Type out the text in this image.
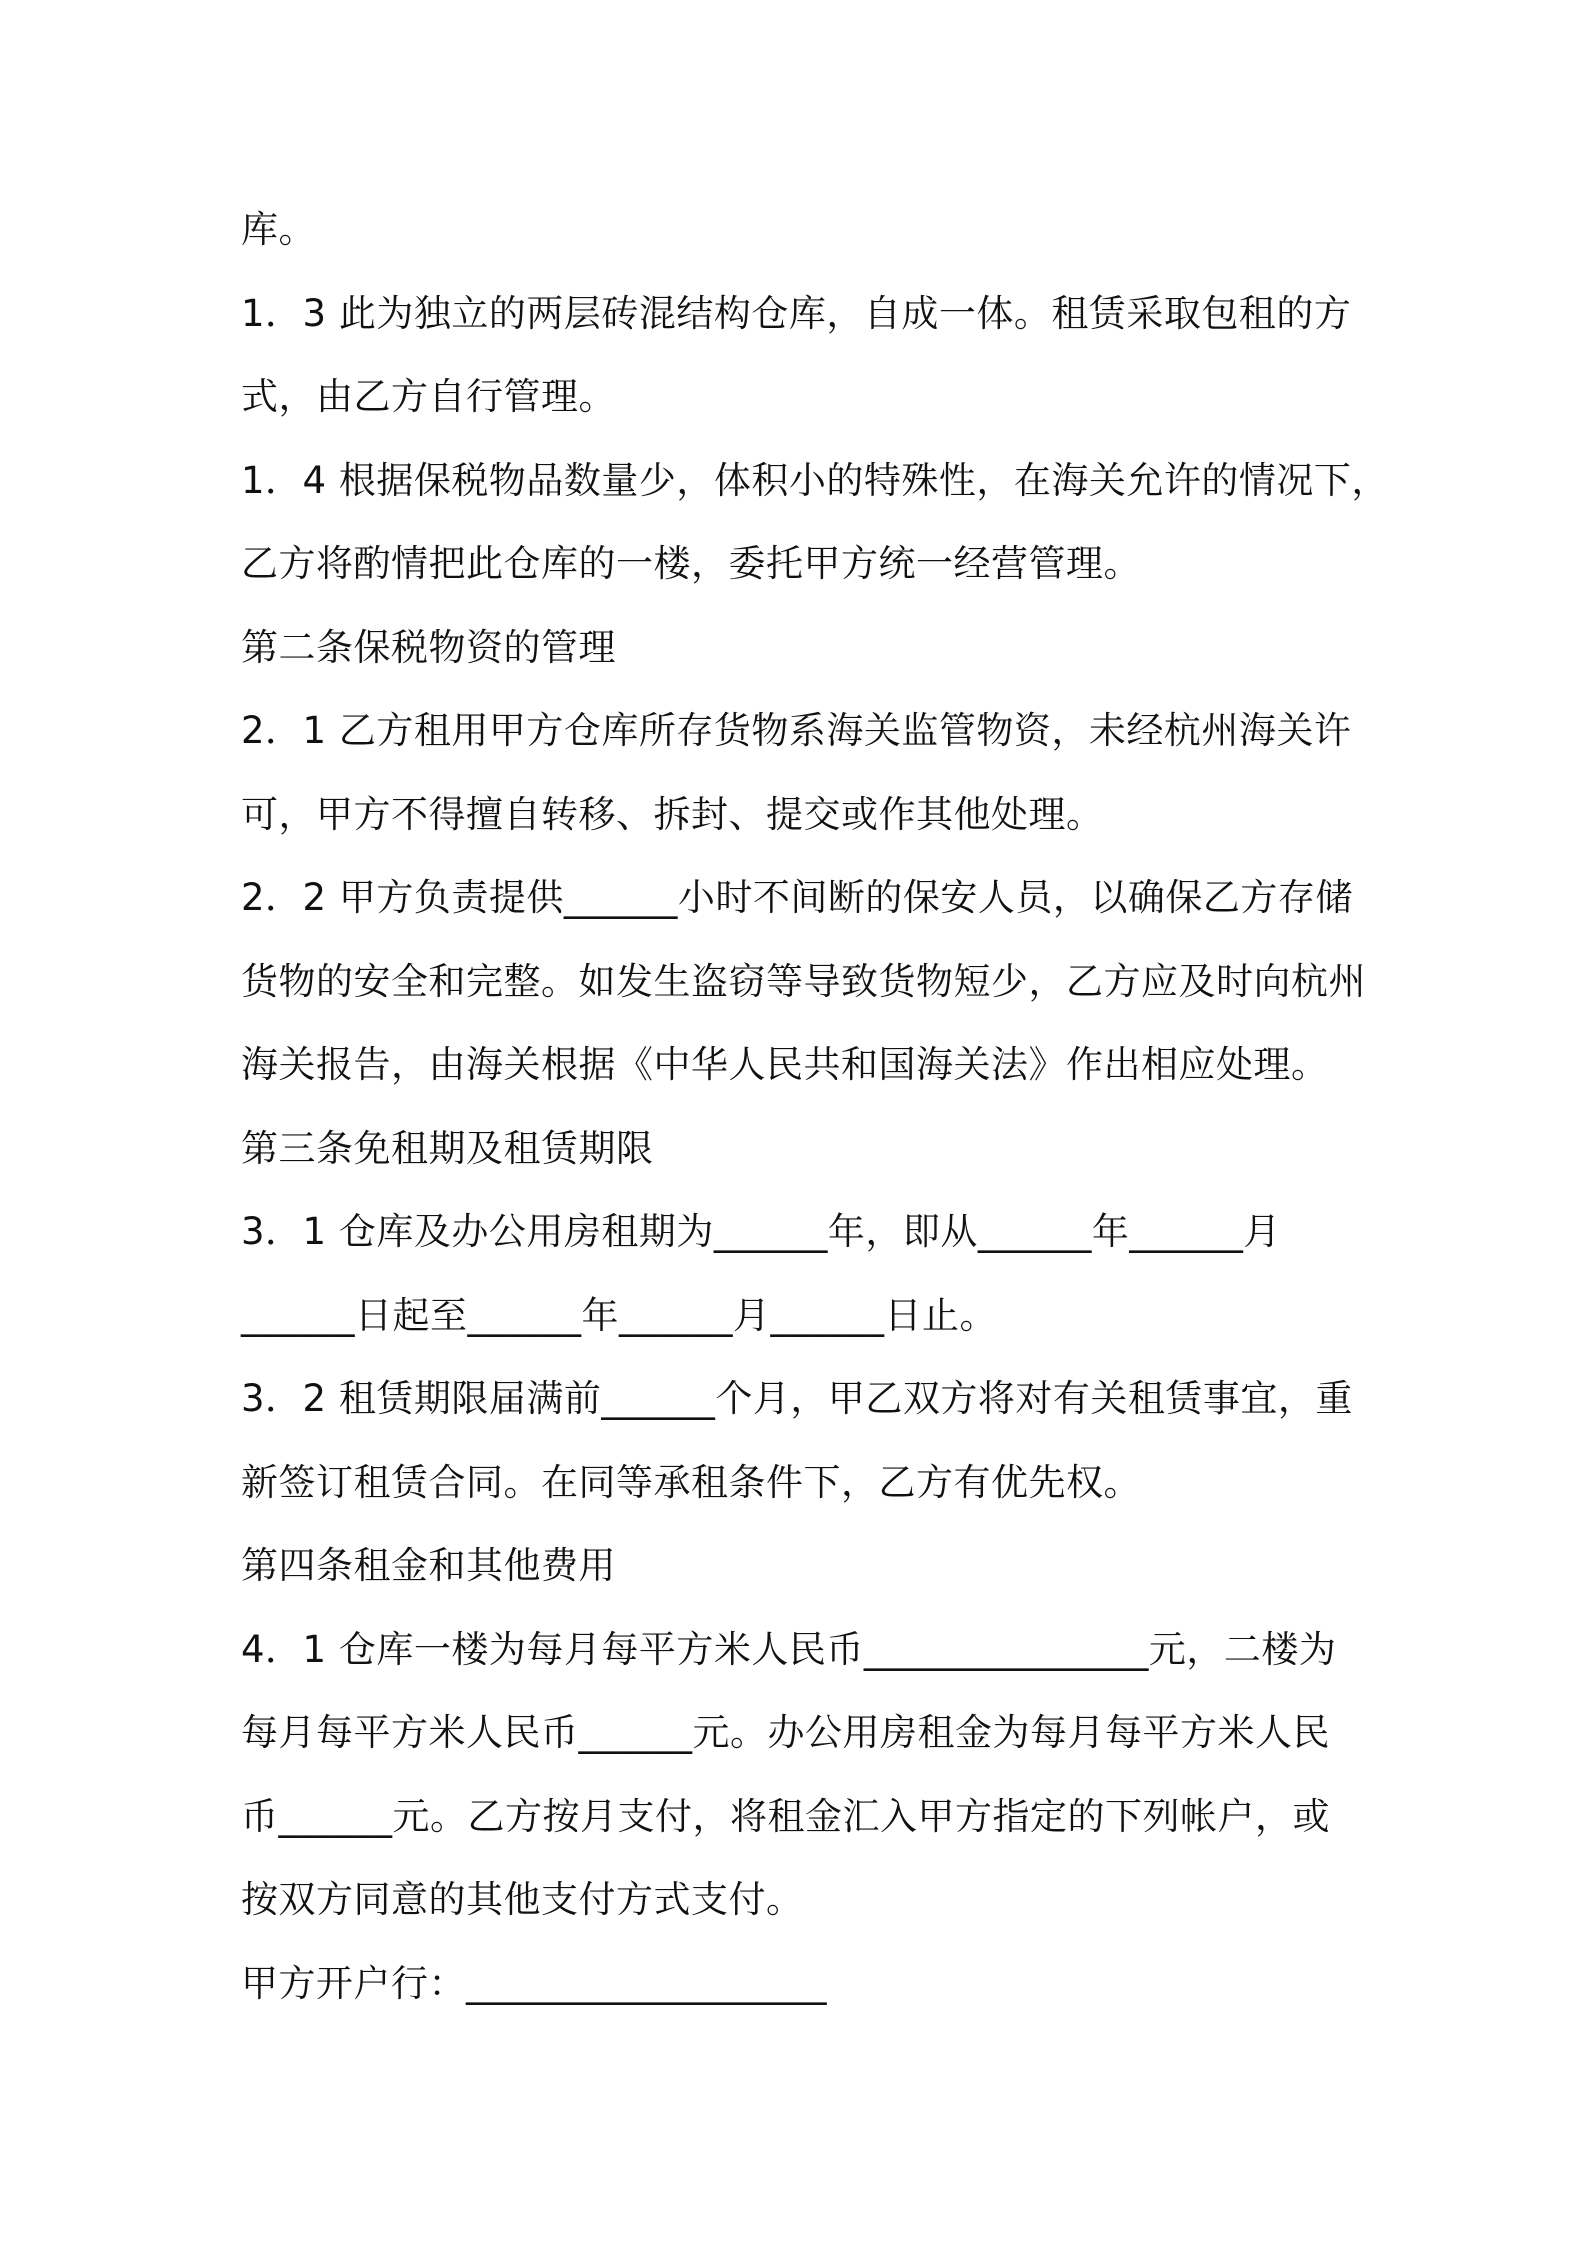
库。
1．3 此为独立的两层砖混结构仓库，自成一体。租赁采取包租的方
式，由乙方自行管理。
1．4 根据保税物品数量少，体积小的特殊性，在海关允许的情况下，
乙方将酌情把此仓库的一楼，委托甲方统一经营管理。
第二条保税物资的管理
2．1 乙方租用甲方仓库所存货物系海关监管物资，未经杭州海关许
可，甲方不得擅自转移、拆封、提交或作其他处理。
2．2 甲方负责提供______小时不间断的保安人员，以确保乙方存储
货物的安全和完整。如发生盗窃等导致货物短少，乙方应及时向杭州
海关报告，由海关根据《中华人民共和国海关法》作出相应处理。
第三条免租期及租赁期限
3．1 仓库及办公用房租期为______年，即从______年______月
______日起至______年______月______日止。
3．2 租赁期限届满前______个月，甲乙双方将对有关租赁事宜，重
新签订租赁合同。在同等承租条件下，乙方有优先权。
第四条租金和其他费用
4．1 仓库一楼为每月每平方米人民币_______________元，二楼为
每月每平方米人民币______元。办公用房租金为每月每平方米人民
币______元。乙方按月支付，将租金汇入甲方指定的下列帐户，或
按双方同意的其他支付方式支付。
甲方开户行：___________________
